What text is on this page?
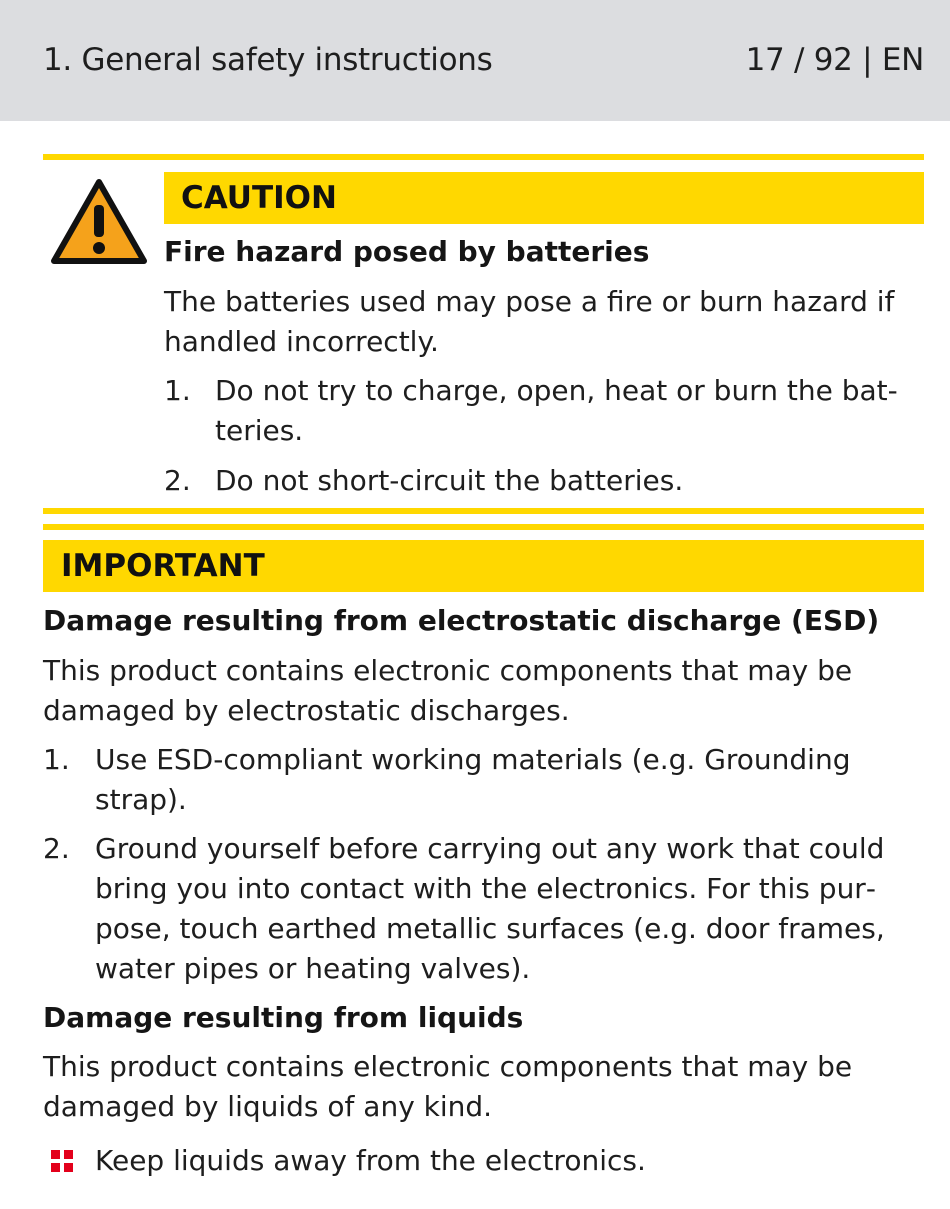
1. General safety instructions	17 / 92 | EN
CAUTION
Fire hazard posed by batteries
The batteries used may pose a fire or burn hazard if handled incorrectly.
1. Do not try to charge, open, heat or burn the batteries.
2. Do not short-circuit the batteries.
IMPORTANT
Damage resulting from electrostatic discharge (ESD)
This product contains electronic components that may be damaged by electrostatic discharges.
1. Use ESD-compliant working materials (e.g. Grounding strap).
2. Ground yourself before carrying out any work that could bring you into contact with the electronics. For this purpose, touch earthed metallic surfaces (e.g. door frames, water pipes or heating valves).
Damage resulting from liquids
This product contains electronic components that may be damaged by liquids of any kind.
Keep liquids away from the electronics.
